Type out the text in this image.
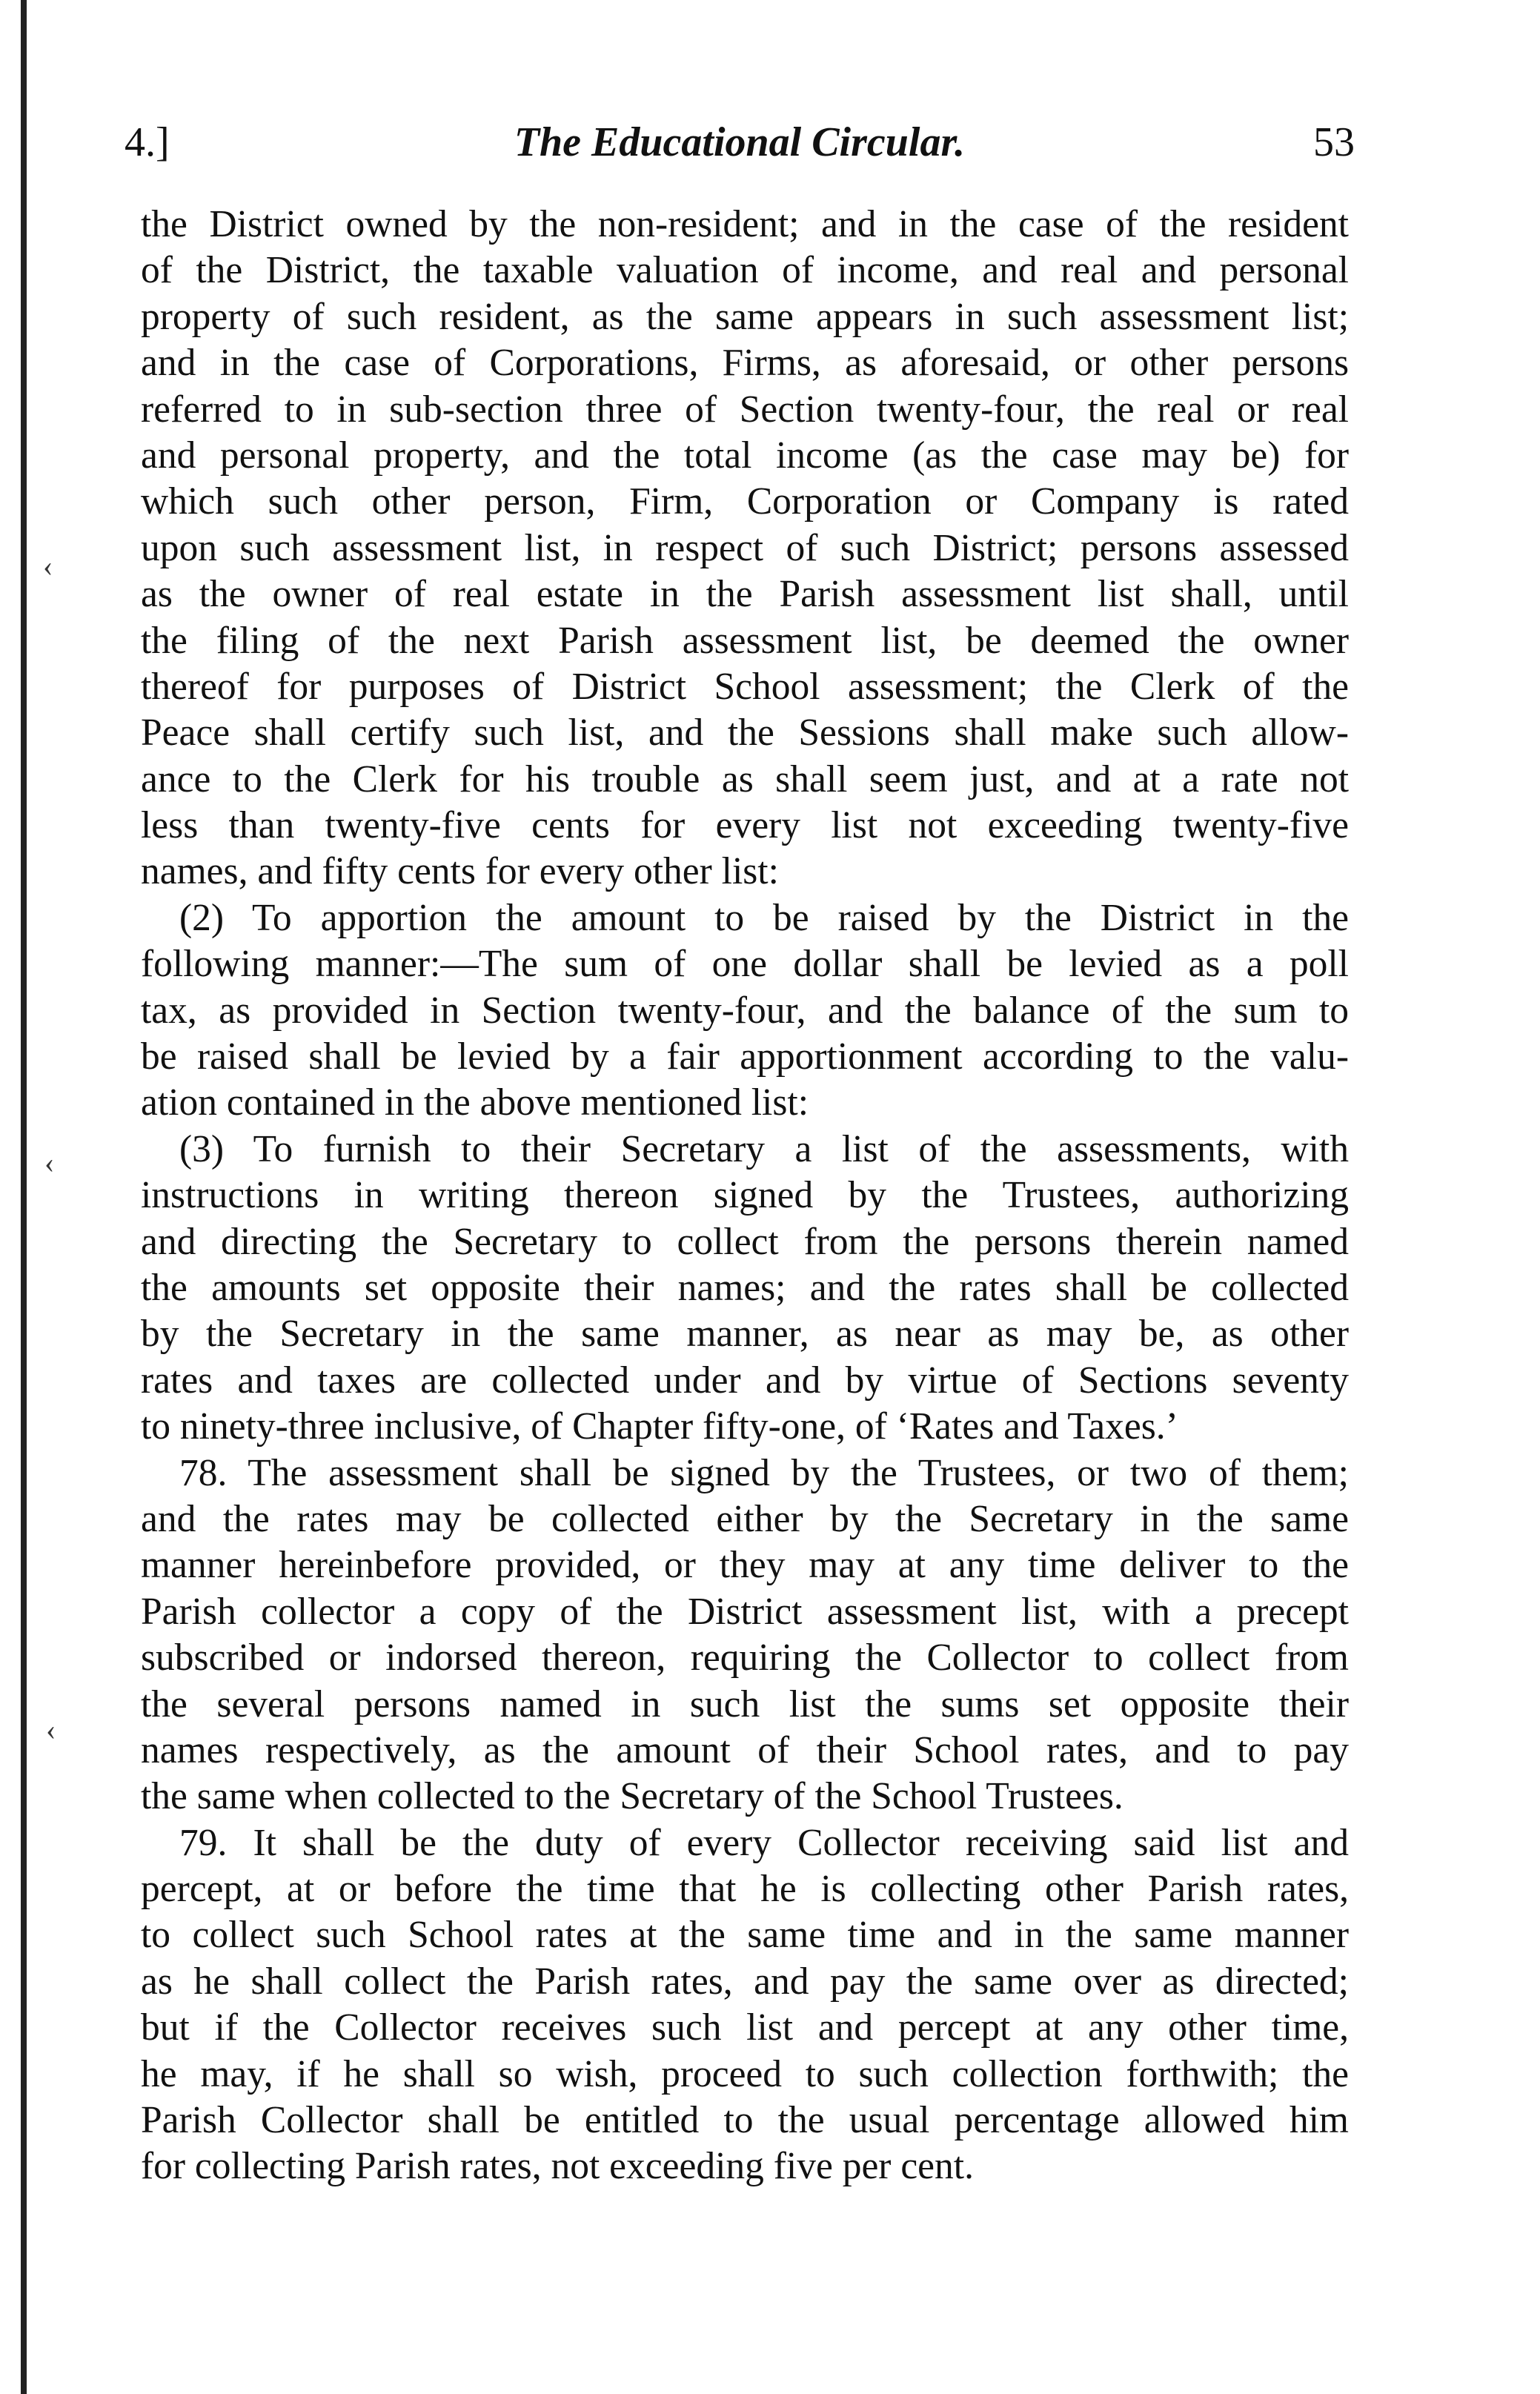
4.]	The Educational Circular.	53
the District owned by the non-resident; and in the case of the resident
of the District, the taxable valuation of income, and real and personal
property of such resident, as the same appears in such assessment list;
and in the case of Corporations, Firms, as aforesaid, or other persons
referred to in sub-section three of Section twenty-four, the real or real
and personal property, and the total income (as the case may be) for
which such other person, Firm, Corporation or Company is rated
upon such assessment list, in respect of such District; persons assessed
as the owner of real estate in the Parish assessment list shall, until
the filing of the next Parish assessment list, be deemed the owner
thereof for purposes of District School assessment; the Clerk of the
Peace shall certify such list, and the Sessions shall make such allow-
ance to the Clerk for his trouble as shall seem just, and at a rate not
less than twenty-five cents for every list not exceeding twenty-five
names, and fifty cents for every other list:
(2) To apportion the amount to be raised by the District in the
following manner:—The sum of one dollar shall be levied as a poll
tax, as provided in Section twenty-four, and the balance of the sum to
be raised shall be levied by a fair apportionment according to the valu-
ation contained in the above mentioned list:
(3) To furnish to their Secretary a list of the assessments, with
instructions in writing thereon signed by the Trustees, authorizing
and directing the Secretary to collect from the persons therein named
the amounts set opposite their names; and the rates shall be collected
by the Secretary in the same manner, as near as may be, as other
rates and taxes are collected under and by virtue of Sections seventy
to ninety-three inclusive, of Chapter fifty-one, of ‘Rates and Taxes.’
78. The assessment shall be signed by the Trustees, or two of them;
and the rates may be collected either by the Secretary in the same
manner hereinbefore provided, or they may at any time deliver to the
Parish collector a copy of the District assessment list, with a precept
subscribed or indorsed thereon, requiring the Collector to collect from
the several persons named in such list the sums set opposite their
names respectively, as the amount of their School rates, and to pay
the same when collected to the Secretary of the School Trustees.
79. It shall be the duty of every Collector receiving said list and
percept, at or before the time that he is collecting other Parish rates,
to collect such School rates at the same time and in the same manner
as he shall collect the Parish rates, and pay the same over as directed;
but if the Collector receives such list and percept at any other time,
he may, if he shall so wish, proceed to such collection forthwith; the
Parish Collector shall be entitled to the usual percentage allowed him
for collecting Parish rates, not exceeding five per cent.
‹
‹
‹
